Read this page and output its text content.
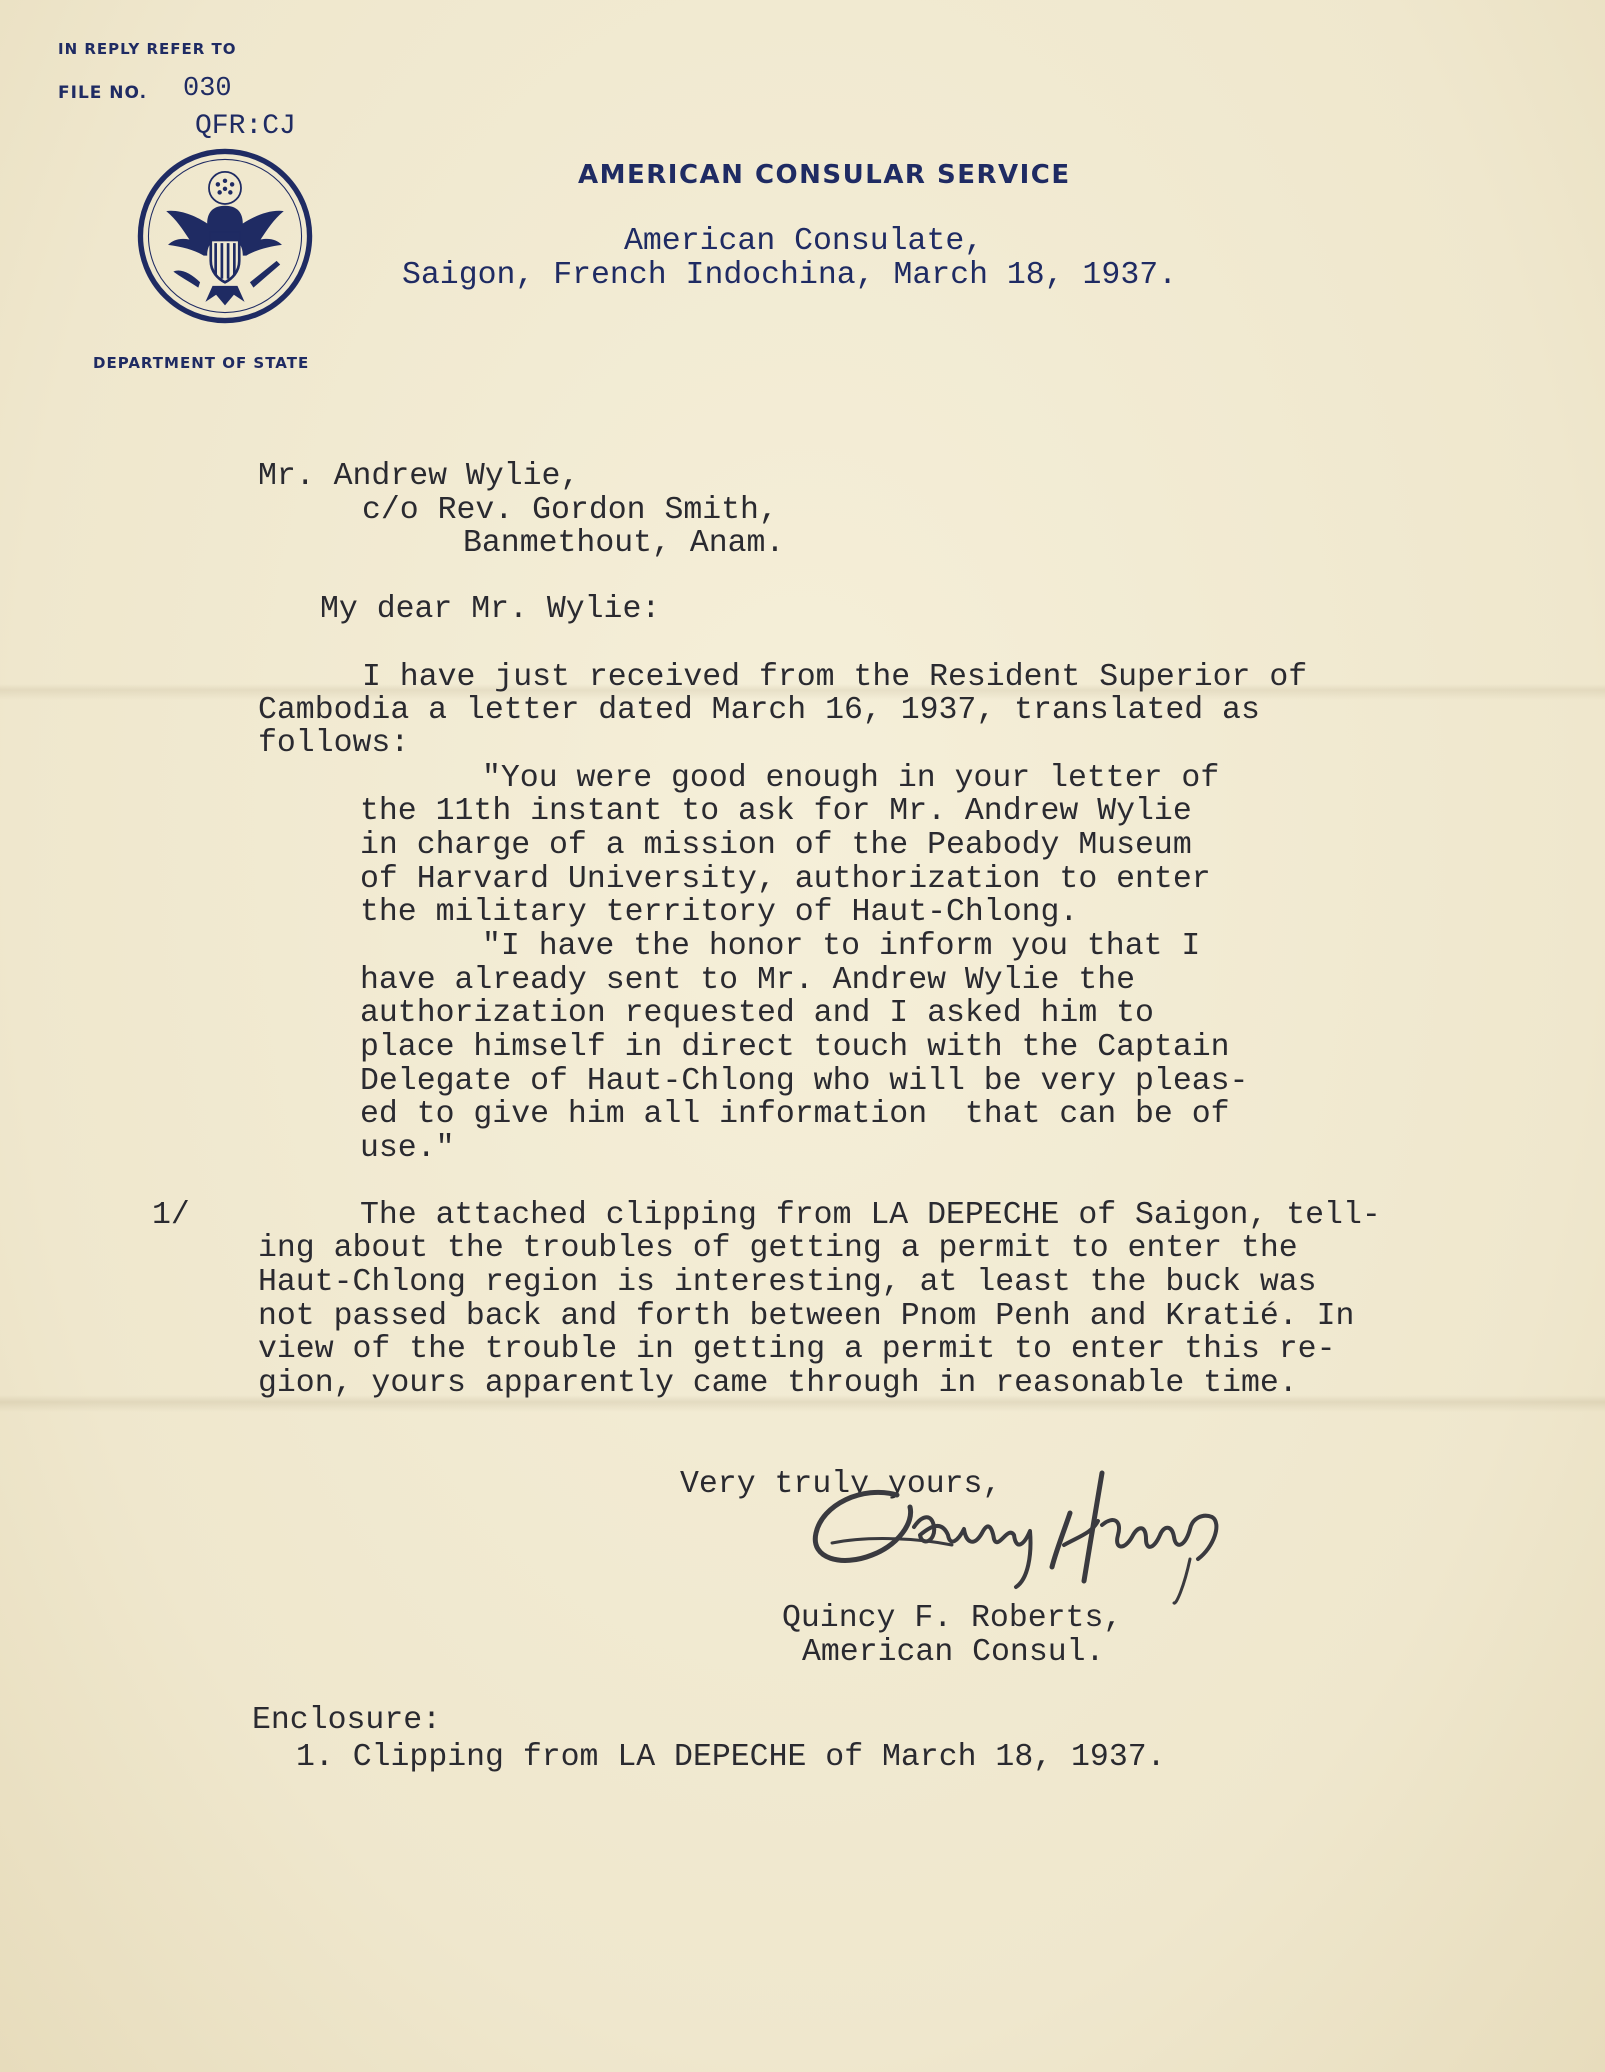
IN REPLY REFER TO
FILE NO. 030
QFR:CJ
AMERICAN CONSULAR SERVICE
DEPARTMENT OF STATE
American Consulate,
Saigon, French Indochina, March 18, 1937.
Mr. Andrew Wylie,
c/o Rev. Gordon Smith,
Banmethout, Anam.
My dear Mr. Wylie:
I have just received from the Resident Superior of
Cambodia a letter dated March 16, 1937, translated as
follows:
"You were good enough in your letter of
the 11th instant to ask for Mr. Andrew Wylie
in charge of a mission of the Peabody Museum
of Harvard University, authorization to enter
the military territory of Haut-Chlong.
"I have the honor to inform you that I
have already sent to Mr. Andrew Wylie the
authorization requested and I asked him to
place himself in direct touch with the Captain
Delegate of Haut-Chlong who will be very pleas-
ed to give him all information  that can be of
use."
1/	The attached clipping from LA DEPECHE of Saigon, tell-
ing about the troubles of getting a permit to enter the
Haut-Chlong region is interesting, at least the buck was
not passed back and forth between Pnom Penh and Kratié. In
view of the trouble in getting a permit to enter this re-
gion, yours apparently came through in reasonable time.
Very truly yours,
Quincy F. Roberts,
American Consul.
Enclosure:
1. Clipping from LA DEPECHE of March 18, 1937.
